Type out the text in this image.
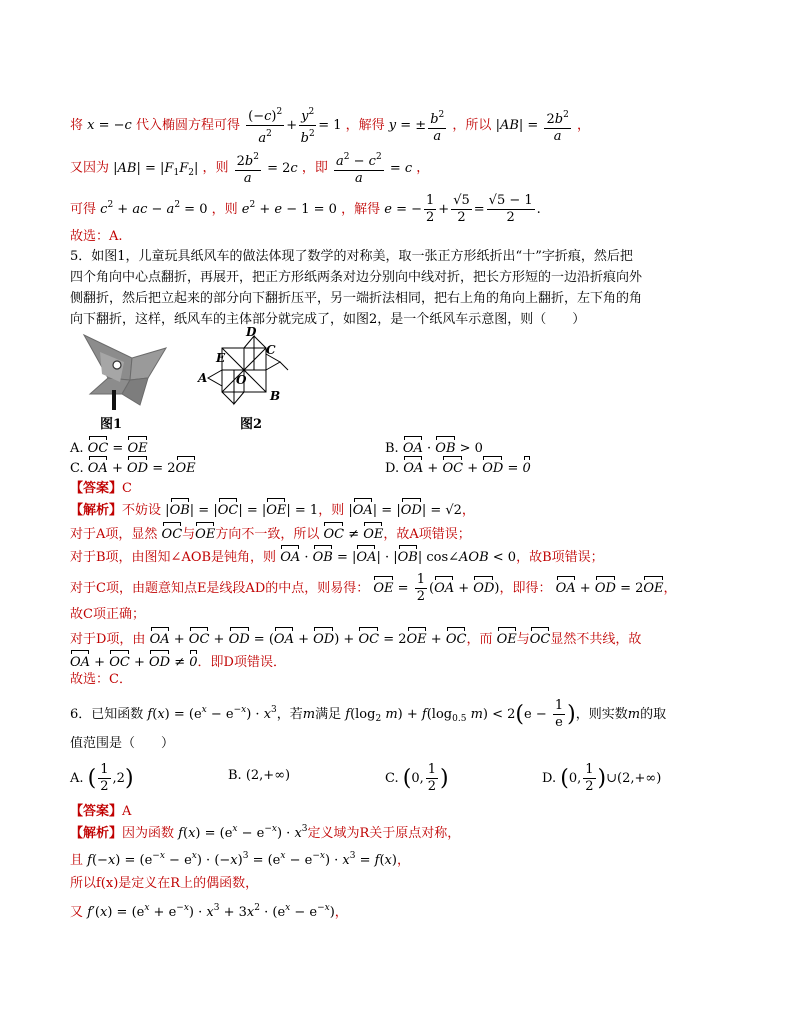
将 x = −c 代入椭圆方程可得 $\frac{(-c)^2}{a^2} + \frac{y^2}{b^2} = 1$ ，解得 y = ± $\frac{b^2}{a}$ ，所以 $|AB| = \frac{2b^2}{a}$ ，
又因为 $|AB| = |F_1F_2|$ ，则 $\frac{2b^2}{a} = 2c$ ，即 $\frac{a^2 - c^2}{a} = c$ ，
可得 $c^2$ + ac − $a^2 = 0$ ，则 $e^2 + e - 1 = 0$ ，解得 e = − $\frac{1}{2} + \frac{√5}{2} = \frac{√5 - 1}{2}$ .
故选：A.
5．如图1，儿童玩具纸风车的做法体现了数学的对称美，取一张正方形纸折出“十”字折痕，然后把
四个角向中心点翻折，再展开，把正方形纸两条对边分别向中线对折，把长方形短的一边沿折痕向外
侧翻折，然后把立起来的部分向下翻折压平，另一端折法相同，把右上角的角向上翻折，左下角的角
向下翻折，这样，纸风车的主体部分就完成了，如图2，是一个纸风车示意图，则（　　）
图1
D
C
E
A O
B
图2
A. OC = OE	B. OA · OB > 0
C. OA + OD = 2OE	D. OA + OC + OD = 0
【答案】C
【解析】不妨设 |OB| = |OC| = |OE| = 1，则 |OA| = |OD| = √2，
对于A项，显然 OC与OE方向不一致，所以 OC ≠ OE，故A项错误；
对于B项，由图知∠AOB是钝角，则 OA · OB = |OA| · |OB| cos∠AOB < 0，故B项错误；
对于C项，由题意知点E是线段AD的中点，则易得： OE = $\frac{1}{2} (OA + OD)$，即得： OA + OD = 2OE，
故C项正确；
对于D项，由 OA + OC + OD = (OA + OD) + OC = 2OE + OC，而 OE与OC显然不共线，故
OA + OC + OD ≠ 0．即D项错误．
故选：C．
6．已知函数 $f(x) = (e^x - e^{-x}) \cdot x^3$，若m满足 $f(\log_2$ $m) + f(\log_{0.5}$ $m) < 2(e - \frac{1}{e}$ )，则实数m的取
值范围是（　　）
A. ( $\frac{1}{2} ,2$)	B. (2,+∞)	C. (0, $\frac{1}{2}$ )	D. (0, $\frac{1}{2}$ )∪(2,+∞)
【答案】A
【解析】因为函数 $f(x) = (e^x - e^{-x}) \cdot x^3$定义域为R关于原点对称，
且 $f(-x) = (e^{-x} - e^x) \cdot (-x)^3 = (e^x - e^{-x}) \cdot x^3 = f(x)$，
所以f(x)是定义在R上的偶函数，
又 $f'(x) = (e^x + e^{-x}) \cdot x^3 + 3x^2 \cdot (e^x - e^{-x})$，
